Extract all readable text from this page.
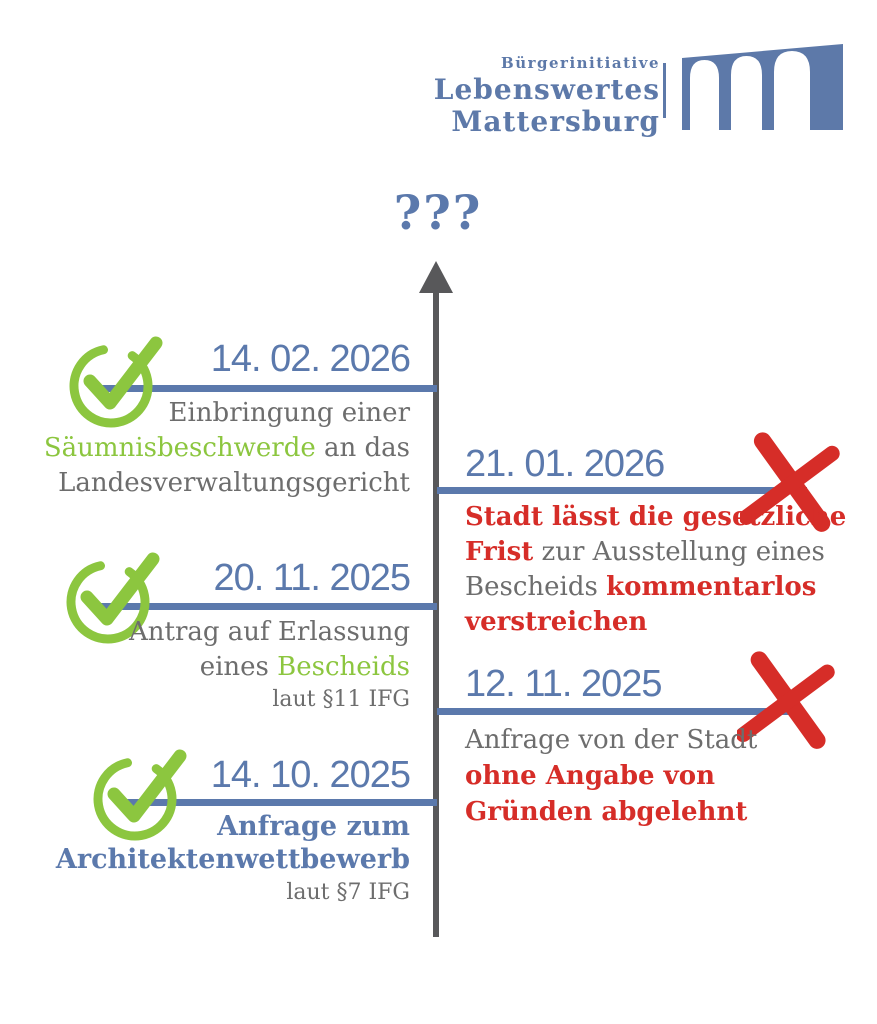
Bürgerinitiative
Lebenswertes
Mattersburg
???
14. 02. 2026
Einbringung einer
Säumnisbeschwerde an das
Landesverwaltungsgericht
20. 11. 2025
Antrag auf Erlassung
eines Bescheids
laut §11 IFG
14. 10. 2025
Anfrage zum
Architektenwettbewerb
laut §7 IFG
21. 01. 2026
Stadt lässt die gesetzliche
Frist zur Ausstellung eines
Bescheids kommentarlos
verstreichen
12. 11. 2025
Anfrage von der Stadt
ohne Angabe von
Gründen abgelehnt
